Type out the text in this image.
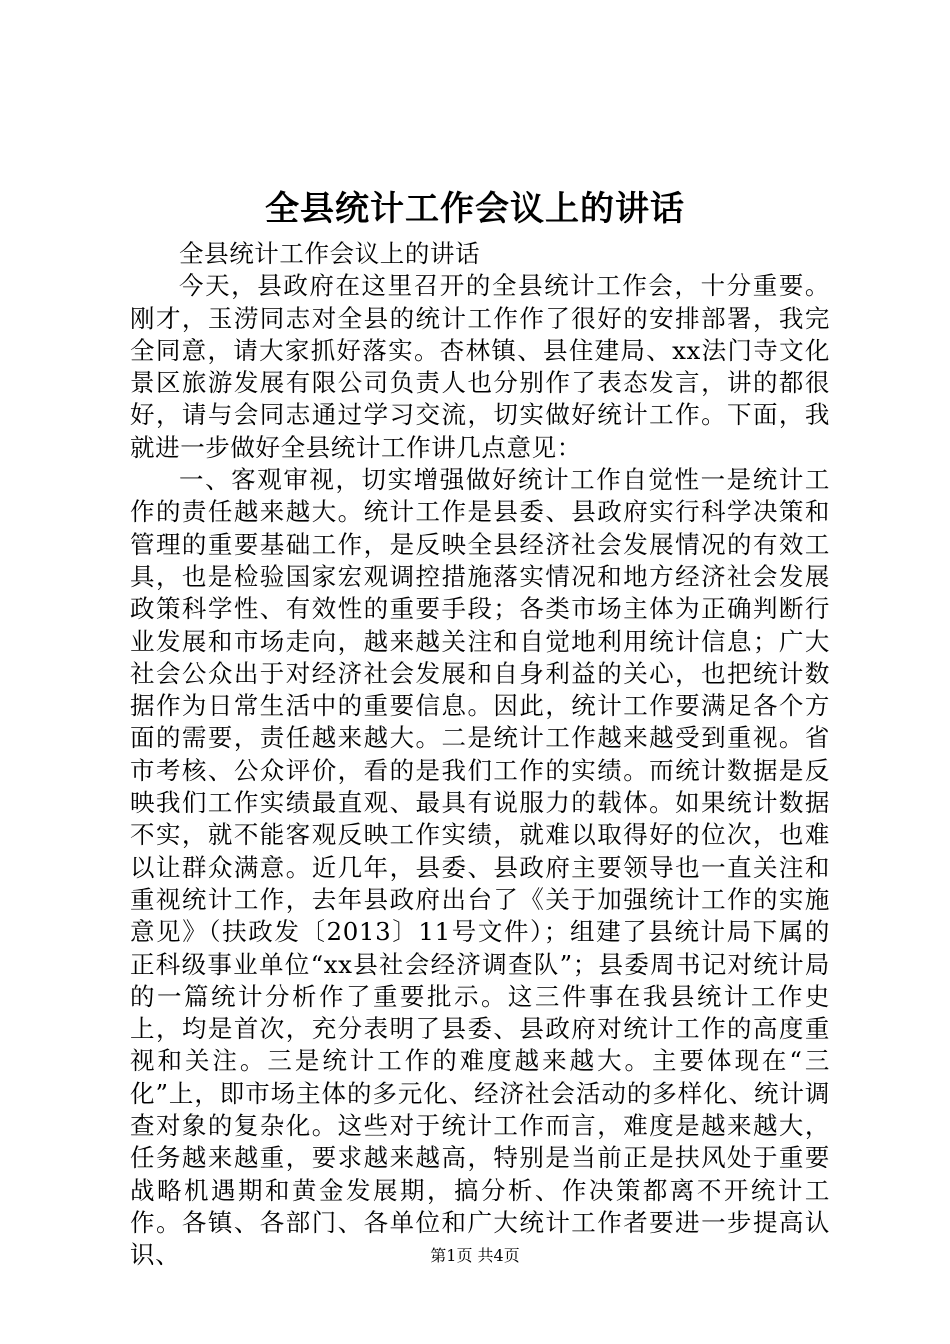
全县统计工作会议上的讲话

全县统计工作会议上的讲话

今天，县政府在这里召开的全县统计工作会，十分重要。刚才，玉涝同志对全县的统计工作作了很好的安排部署，我完全同意，请大家抓好落实。杏林镇、县住建局、xx法门寺文化景区旅游发展有限公司负责人也分别作了表态发言，讲的都很好，请与会同志通过学习交流，切实做好统计工作。下面，我就进一步做好全县统计工作讲几点意见：

一、客观审视，切实增强做好统计工作自觉性一是统计工作的责任越来越大。统计工作是县委、县政府实行科学决策和管理的重要基础工作，是反映全县经济社会发展情况的有效工具，也是检验国家宏观调控措施落实情况和地方经济社会发展政策科学性、有效性的重要手段；各类市场主体为正确判断行业发展和市场走向，越来越关注和自觉地利用统计信息；广大社会公众出于对经济社会发展和自身利益的关心，也把统计数据作为日常生活中的重要信息。因此，统计工作要满足各个方面的需要，责任越来越大。二是统计工作越来越受到重视。省市考核、公众评价，看的是我们工作的实绩。而统计数据是反映我们工作实绩最直观、最具有说服力的载体。如果统计数据不实，就不能客观反映工作实绩，就难以取得好的位次，也难以让群众满意。近几年，县委、县政府主要领导也一直关注和重视统计工作，去年县政府出台了《关于加强统计工作的实施意见》（扶政发〔2013〕11号文件）；组建了县统计局下属的正科级事业单位“xx县社会经济调查队”；县委周书记对统计局的一篇统计分析作了重要批示。这三件事在我县统计工作史上，均是首次，充分表明了县委、县政府对统计工作的高度重视和关注。三是统计工作的难度越来越大。主要体现在“三化”上，即市场主体的多元化、经济社会活动的多样化、统计调查对象的复杂化。这些对于统计工作而言，难度是越来越大，任务越来越重，要求越来越高，特别是当前正是扶风处于重要战略机遇期和黄金发展期，搞分析、作决策都离不开统计工作。各镇、各部门、各单位和广大统计工作者要进一步提高认识、	第1页 共4页
